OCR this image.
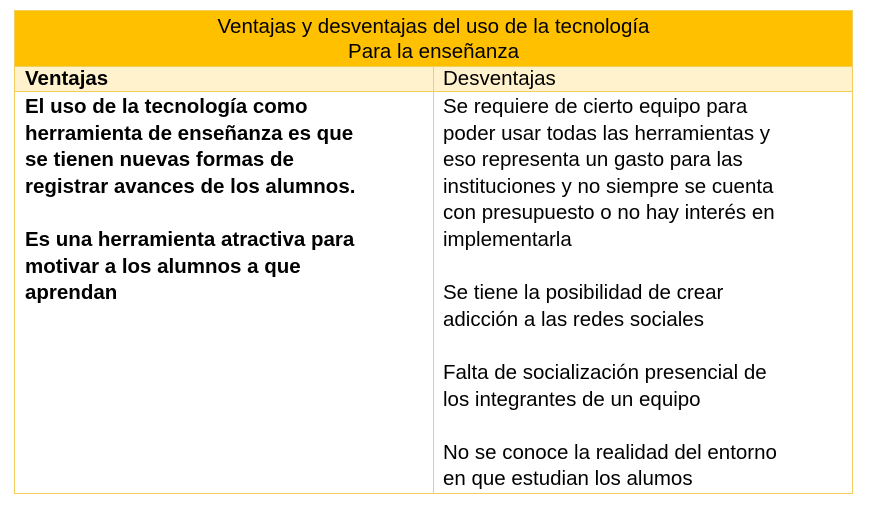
Ventajas y desventajas del uso de la tecnología
Para la enseñanza
Ventajas	Desventajas

El uso de la tecnología como
herramienta de enseñanza es que
se tienen nuevas formas de
registrar avances de los alumnos.

Es una herramienta atractiva para
motivar a los alumnos a que
aprendan

Se requiere de cierto equipo para
poder usar todas las herramientas y
eso representa un gasto para las
instituciones y no siempre se cuenta
con presupuesto o no hay interés en
implementarla

Se tiene la posibilidad de crear
adicción a las redes sociales

Falta de socialización presencial de
los integrantes de un equipo

No se conoce la realidad del entorno
en que estudian los alumos
